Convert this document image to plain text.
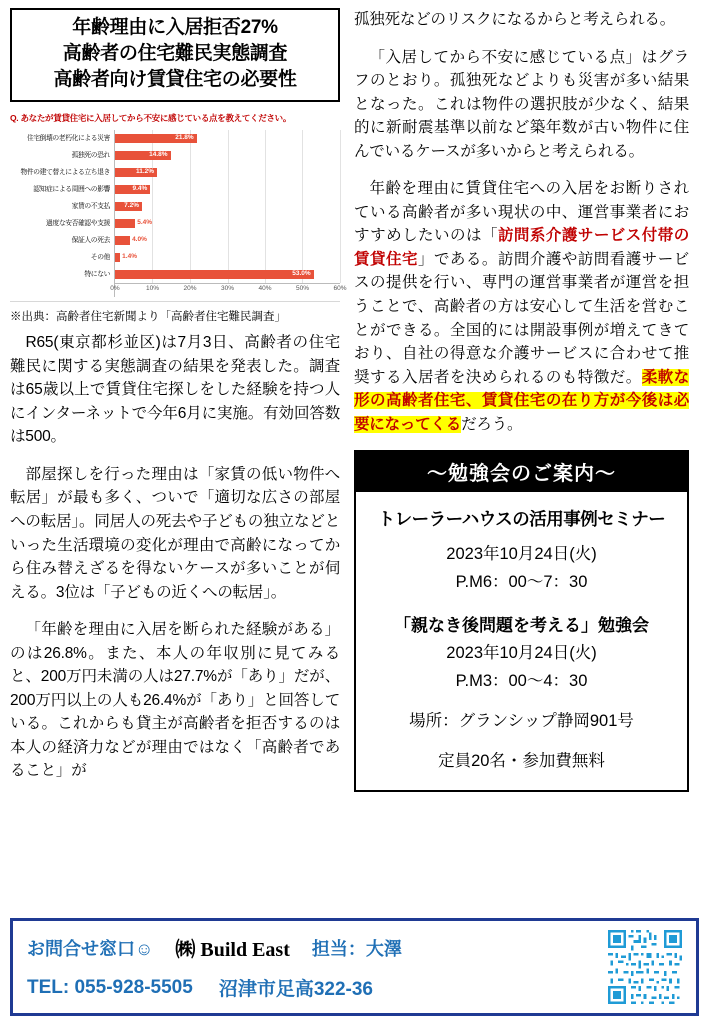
年齢理由に入居拒否27%
高齢者の住宅難民実態調査
高齢者向け賃貸住宅の必要性
Q. あなたが賃貸住宅に入居してから不安に感じている点を教えてください。
住宅倒壊の老朽化による災害
孤独死の恐れ
物件の建て替えによる立ち退き
認知症による周囲への影響
家賃の不支払
過度な安否確認や支援
保証人の死去
その他
特にない
21.8%
14.8%
11.2%
9.4%
7.2%
5.4%
4.0%
1.4%
53.0%
0%	10%	20%	30%	40%	50%	60%
※出典：高齢者住宅新聞より「高齢者住宅難民調査」

R65(東京都杉並区)は7月3日、高齢者の住宅難民に関する実態調査の結果を発表した。調査は65歳以上で賃貸住宅探しをした経験を持つ人にインターネットで今年6月に実施。有効回答数は500。

部屋探しを行った理由は「家賃の低い物件へ転居」が最も多く、ついで「適切な広さの部屋への転居」。同居人の死去や子どもの独立などといった生活環境の変化が理由で高齢になってから住み替えざるを得ないケースが多いことが伺える。3位は「子どもの近くへの転居」。

「年齢を理由に入居を断られた経験がある」のは26.8%。また、本人の年収別に見てみると、200万円未満の人は27.7%が「あり」だが、200万円以上の人も26.4%が「あり」と回答している。これからも貸主が高齢者を拒否するのは本人の経済力などが理由ではなく「高齢者であること」が

孤独死などのリスクになるからと考えられる。

「入居してから不安に感じている点」はグラフのとおり。孤独死などよりも災害が多い結果となった。これは物件の選択肢が少なく、結果的に新耐震基準以前など築年数が古い物件に住んでいるケースが多いからと考えられる。

年齢を理由に賃貸住宅への入居をお断りされている高齢者が多い現状の中、運営事業者におすすめしたいのは「訪問系介護サービス付帯の賃貸住宅」である。訪問介護や訪問看護サービスの提供を行い、専門の運営事業者が運営を担うことで、高齢者の方は安心して生活を営むことができる。全国的には開設事例が増えてきており、自社の得意な介護サービスに合わせて推奨する入居者を決められるのも特徴だ。柔軟な形の高齢者住宅、賃貸住宅の在り方が今後は必要になってくるだろう。

〜勉強会のご案内〜
トレーラーハウスの活用事例セミナー
2023年10月24日(火)
P.M6：00〜7：30
「親なき後問題を考える」勉強会
2023年10月24日(火)
P.M3：00〜4：30
場所：グランシップ静岡901号
定員20名・参加費無料
お問合せ窓口☺ ㈱ Build East 担当：大澤
TEL: 055-928-5505 沼津市足高322-36
